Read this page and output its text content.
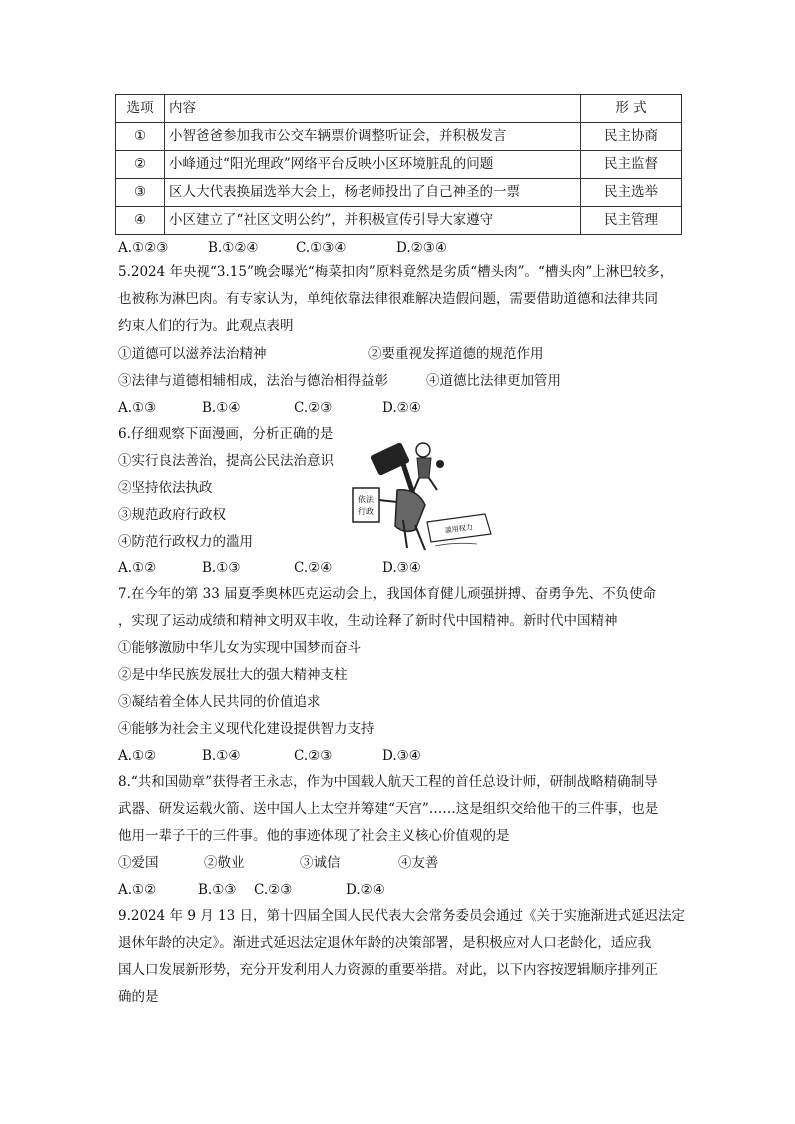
选项	内容	形 式
①	小智爸爸参加我市公交车辆票价调整听证会，并积极发言	民主协商
②	小峰通过“阳光理政”网络平台反映小区环境脏乱的问题	民主监督
③	区人大代表换届选举大会上，杨老师投出了自己神圣的一票	民主选举
④	小区建立了“社区文明公约”，并积极宣传引导大家遵守	民主管理
A.①②③	B.①②④	C.①③④	D.②③④
5.2024 年央视“3.15”晚会曝光“梅菜扣肉”原料竟然是劣质“槽头肉”。“槽头肉”上淋巴较多，
也被称为淋巴肉。有专家认为，单纯依靠法律很难解决造假问题，需要借助道德和法律共同
约束人们的行为。此观点表明
①道德可以滋养法治精神	②要重视发挥道德的规范作用
③法律与道德相辅相成，法治与德治相得益彰	④道德比法律更加管用
A.①③	B.①④	C.②③	D.②④
6.仔细观察下面漫画，分析正确的是
①实行良法善治，提高公民法治意识
②坚持依法执政
③规范政府行政权
④防范行政权力的滥用
依法
行政
滥用权力
A.①②	B.①③	C.②④	D.③④
7.在今年的第 33 届夏季奥林匹克运动会上，我国体育健儿顽强拼搏、奋勇争先、不负使命
，实现了运动成绩和精神文明双丰收，生动诠释了新时代中国精神。新时代中国精神
①能够激励中华儿女为实现中国梦而奋斗
②是中华民族发展壮大的强大精神支柱
③凝结着全体人民共同的价值追求
④能够为社会主义现代化建设提供智力支持
A.①②	B.①④	C.②③	D.③④
8.“共和国勋章”获得者王永志，作为中国载人航天工程的首任总设计师，研制战略精确制导
武器、研发运载火箭、送中国人上太空并筹建“天宫”……这是组织交给他干的三件事，也是
他用一辈子干的三件事。他的事迹体现了社会主义核心价值观的是
①爱国	②敬业	③诚信	④友善
A.①②	B.①③ C.②③	D.②④
9.2024 年 9 月 13 日，第十四届全国人民代表大会常务委员会通过《关于实施渐进式延迟法定
退休年龄的决定》。渐进式延迟法定退休年龄的决策部署，是积极应对人口老龄化，适应我
国人口发展新形势，充分开发利用人力资源的重要举措。对此，以下内容按逻辑顺序排列正
确的是
